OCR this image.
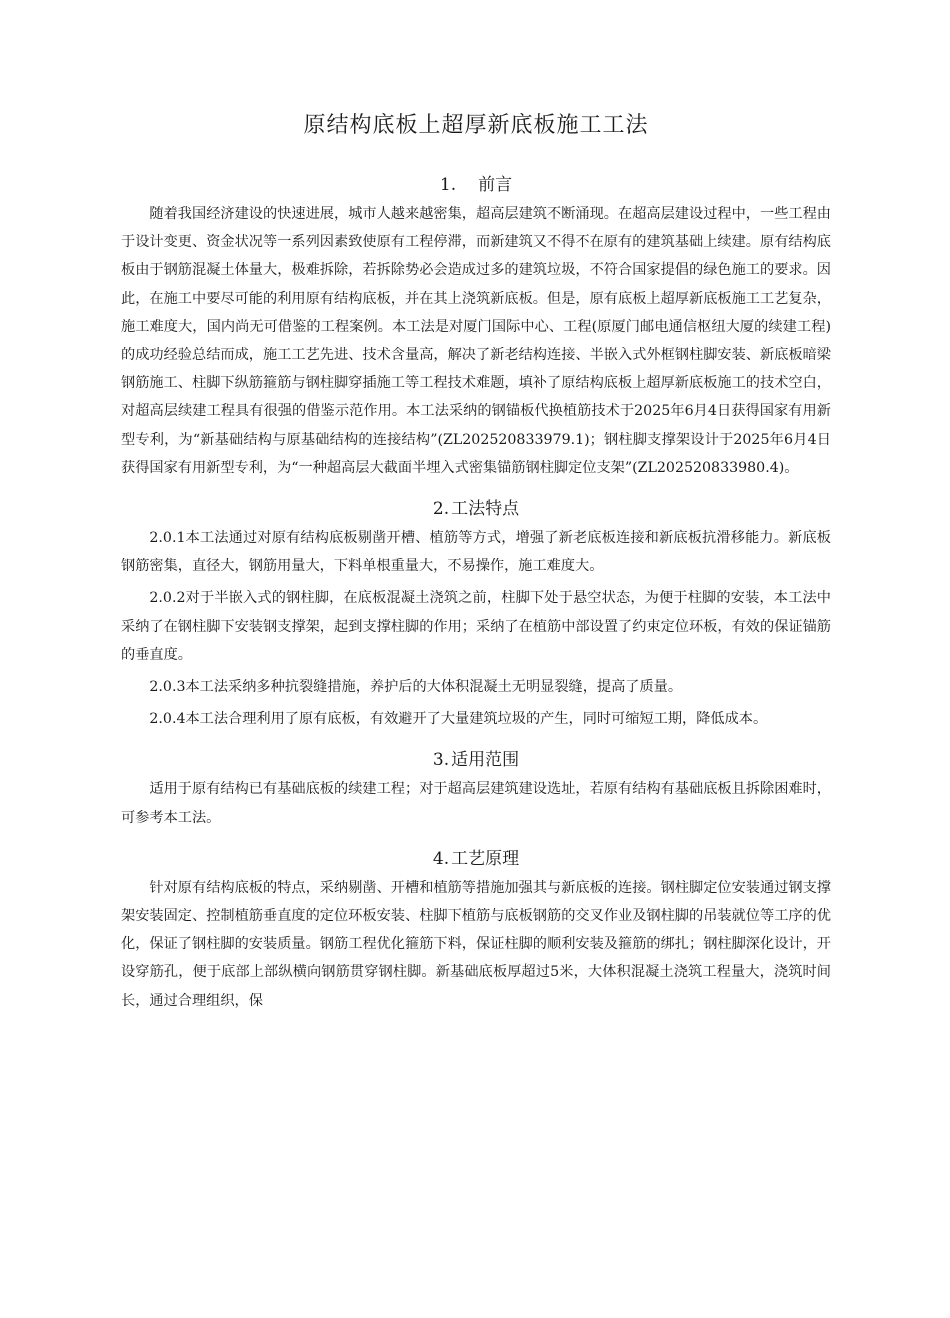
原结构底板上超厚新底板施工工法
1. 前言

随着我国经济建设的快速进展，城市人越来越密集，超高层建筑不断涌现。在超高层建设过程中，一些工程由于设计变更、资金状况等一系列因素致使原有工程停滞，而新建筑又不得不在原有的建筑基础上续建。原有结构底板由于钢筋混凝土体量大，极难拆除，若拆除势必会造成过多的建筑垃圾，不符合国家提倡的绿色施工的要求。因此，在施工中要尽可能的利用原有结构底板，并在其上浇筑新底板。但是，原有底板上超厚新底板施工工艺复杂，施工难度大，国内尚无可借鉴的工程案例。本工法是对厦门国际中心、工程(原厦门邮电通信枢纽大厦的续建工程)的成功经验总结而成，施工工艺先进、技术含量高，解决了新老结构连接、半嵌入式外框钢柱脚安装、新底板暗梁钢筋施工、柱脚下纵筋箍筋与钢柱脚穿插施工等工程技术难题，填补了原结构底板上超厚新底板施工的技术空白，对超高层续建工程具有很强的借鉴示范作用。本工法采纳的钢锚板代换植筋技术于2025年6月4日获得国家有用新型专利，为“新基础结构与原基础结构的连接结构”(ZL202520833979.1)；钢柱脚支撑架设计于2025年6月4日获得国家有用新型专利，为“一种超高层大截面半埋入式密集锚筋钢柱脚定位支架”(ZL202520833980.4)。

2. 工法特点

2.0.1本工法通过对原有结构底板剔凿开槽、植筋等方式，增强了新老底板连接和新底板抗滑移能力。新底板钢筋密集，直径大，钢筋用量大，下料单根重量大，不易操作，施工难度大。

2.0.2对于半嵌入式的钢柱脚，在底板混凝土浇筑之前，柱脚下处于悬空状态，为便于柱脚的安装，本工法中采纳了在钢柱脚下安装钢支撑架，起到支撑柱脚的作用；采纳了在植筋中部设置了约束定位环板，有效的保证锚筋的垂直度。

2.0.3本工法采纳多种抗裂缝措施，养护后的大体积混凝土无明显裂缝，提高了质量。

2.0.4本工法合理利用了原有底板，有效避开了大量建筑垃圾的产生，同时可缩短工期，降低成本。

3. 适用范围

适用于原有结构已有基础底板的续建工程；对于超高层建筑建设选址，若原有结构有基础底板且拆除困难时，可参考本工法。

4. 工艺原理

针对原有结构底板的特点，采纳剔凿、开槽和植筋等措施加强其与新底板的连接。钢柱脚定位安装通过钢支撑架安装固定、控制植筋垂直度的定位环板安装、柱脚下植筋与底板钢筋的交叉作业及钢柱脚的吊装就位等工序的优化，保证了钢柱脚的安装质量。钢筋工程优化箍筋下料，保证柱脚的顺利安装及箍筋的绑扎；钢柱脚深化设计，开设穿筋孔，便于底部上部纵横向钢筋贯穿钢柱脚。新基础底板厚超过5米，大体积混凝土浇筑工程量大，浇筑时间长，通过合理组织，保
